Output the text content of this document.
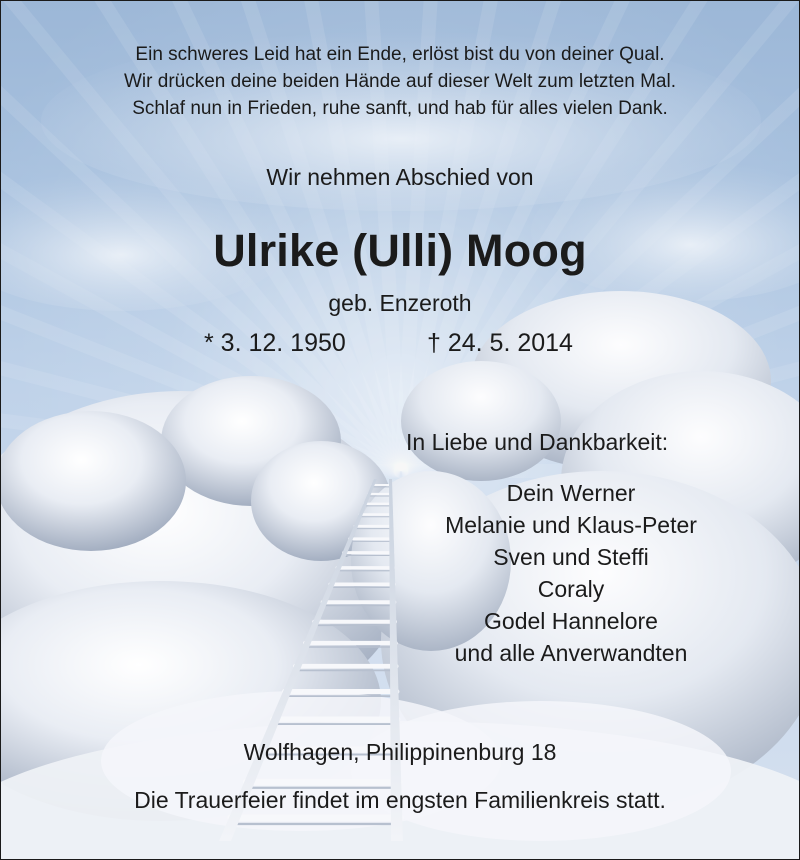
Ein schweres Leid hat ein Ende, erlöst bist du von deiner Qual.

Wir drücken deine beiden Hände auf dieser Welt zum letzten Mal.

Schlaf nun in Frieden, ruhe sanft, und hab für alles vielen Dank.

Wir nehmen Abschied von

Ulrike (Ulli) Moog

geb. Enzeroth

* 3. 12. 1950	† 24. 5. 2014

In Liebe und Dankbarkeit:

Dein Werner
Melanie und Klaus-Peter
Sven und Steffi
Coraly
Godel Hannelore
und alle Anverwandten

Wolfhagen, Philippinenburg 18

Die Trauerfeier findet im engsten Familienkreis statt.
